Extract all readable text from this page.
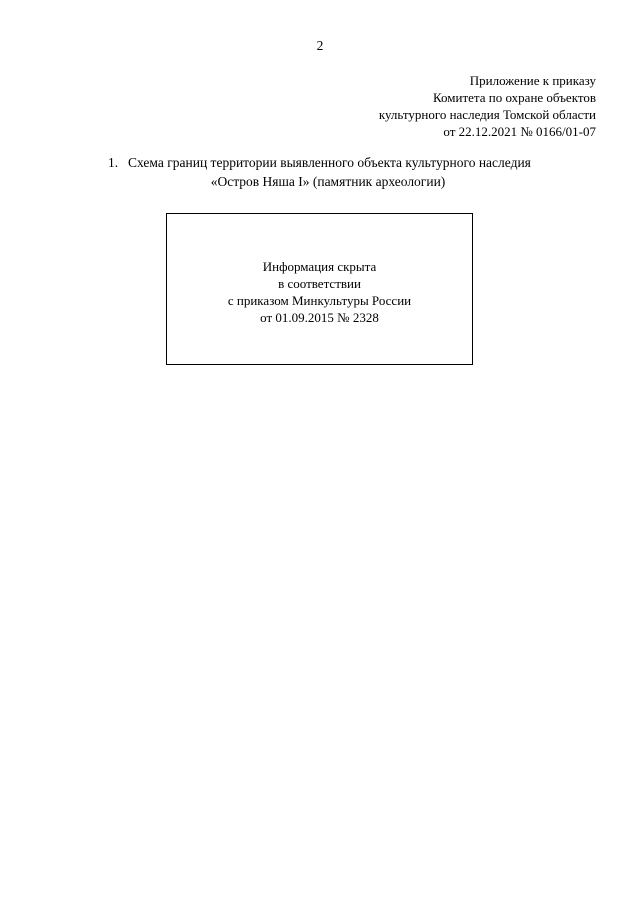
2
Приложение к приказу
Комитета по охране объектов
культурного наследия Томской области
от 22.12.2021 № 0166/01-07
1. Схема границ территории выявленного объекта культурного наследия
«Остров Няша I» (памятник археологии)
Информация скрыта
в соответствии
с приказом Минкультуры России
от 01.09.2015 № 2328
